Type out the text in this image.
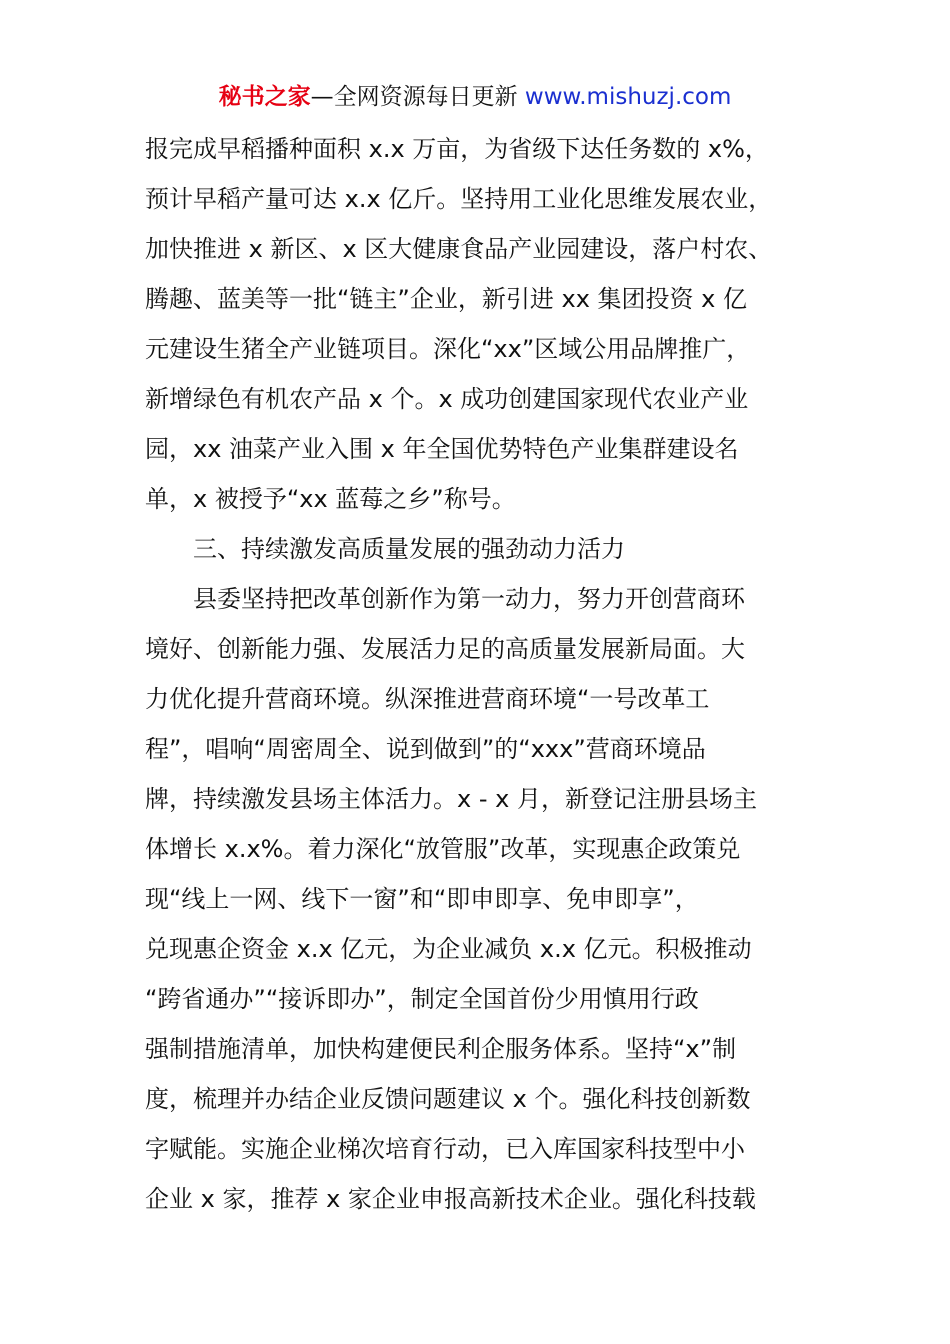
秘书之家—全网资源每日更新 www.mishuzj.com
报完成早稻播种面积 x.x 万亩，为省级下达任务数的 x%，
预计早稻产量可达 x.x 亿斤。坚持用工业化思维发展农业，
加快推进 x 新区、x 区大健康食品产业园建设，落户村农、
腾趣、蓝美等一批“链主”企业，新引进 xx 集团投资 x 亿
元建设生猪全产业链项目。深化“xx”区域公用品牌推广，
新增绿色有机农产品 x 个。x 成功创建国家现代农业产业
园，xx 油菜产业入围 x 年全国优势特色产业集群建设名
单，x 被授予“xx 蓝莓之乡”称号。
　　三、持续激发高质量发展的强劲动力活力
　　县委坚持把改革创新作为第一动力，努力开创营商环
境好、创新能力强、发展活力足的高质量发展新局面。大
力优化提升营商环境。纵深推进营商环境“一号改革工
程”，唱响“周密周全、说到做到”的“xxx”营商环境品
牌，持续激发县场主体活力。x - x 月，新登记注册县场主
体增长 x.x%。着力深化“放管服”改革，实现惠企政策兑
现“线上一网、线下一窗”和“即申即享、免申即享”，
兑现惠企资金 x.x 亿元，为企业减负 x.x 亿元。积极推动
“跨省通办”“接诉即办”，制定全国首份少用慎用行政
强制措施清单，加快构建便民利企服务体系。坚持“x”制
度，梳理并办结企业反馈问题建议 x 个。强化科技创新数
字赋能。实施企业梯次培育行动，已入库国家科技型中小
企业 x 家，推荐 x 家企业申报高新技术企业。强化科技载
